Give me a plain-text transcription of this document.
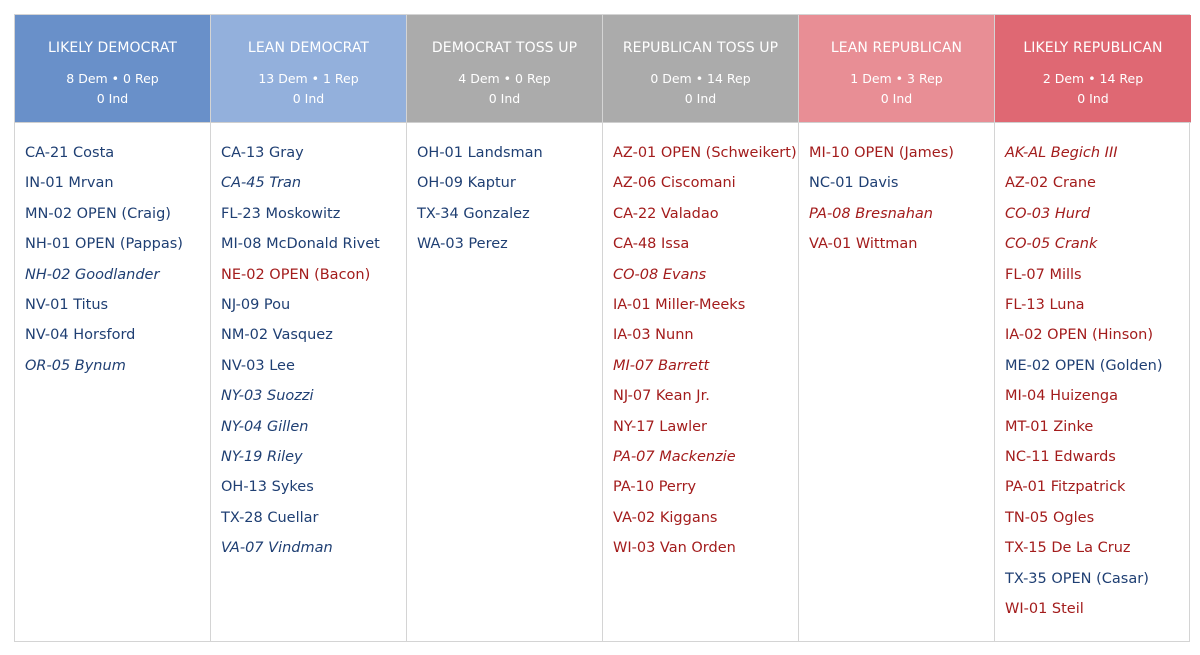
LIKELY DEMOCRAT
8 Dem • 0 Rep
0 Ind
CA-21 Costa
IN-01 Mrvan
MN-02 OPEN (Craig)
NH-01 OPEN (Pappas)
NH-02 Goodlander
NV-01 Titus
NV-04 Horsford
OR-05 Bynum
LEAN DEMOCRAT
13 Dem • 1 Rep
0 Ind
CA-13 Gray
CA-45 Tran
FL-23 Moskowitz
MI-08 McDonald Rivet
NE-02 OPEN (Bacon)
NJ-09 Pou
NM-02 Vasquez
NV-03 Lee
NY-03 Suozzi
NY-04 Gillen
NY-19 Riley
OH-13 Sykes
TX-28 Cuellar
VA-07 Vindman
DEMOCRAT TOSS UP
4 Dem • 0 Rep
0 Ind
OH-01 Landsman
OH-09 Kaptur
TX-34 Gonzalez
WA-03 Perez
REPUBLICAN TOSS UP
0 Dem • 14 Rep
0 Ind
AZ-01 OPEN (Schweikert)
AZ-06 Ciscomani
CA-22 Valadao
CA-48 Issa
CO-08 Evans
IA-01 Miller-Meeks
IA-03 Nunn
MI-07 Barrett
NJ-07 Kean Jr.
NY-17 Lawler
PA-07 Mackenzie
PA-10 Perry
VA-02 Kiggans
WI-03 Van Orden
LEAN REPUBLICAN
1 Dem • 3 Rep
0 Ind
MI-10 OPEN (James)
NC-01 Davis
PA-08 Bresnahan
VA-01 Wittman
LIKELY REPUBLICAN
2 Dem • 14 Rep
0 Ind
AK-AL Begich III
AZ-02 Crane
CO-03 Hurd
CO-05 Crank
FL-07 Mills
FL-13 Luna
IA-02 OPEN (Hinson)
ME-02 OPEN (Golden)
MI-04 Huizenga
MT-01 Zinke
NC-11 Edwards
PA-01 Fitzpatrick
TN-05 Ogles
TX-15 De La Cruz
TX-35 OPEN (Casar)
WI-01 Steil
